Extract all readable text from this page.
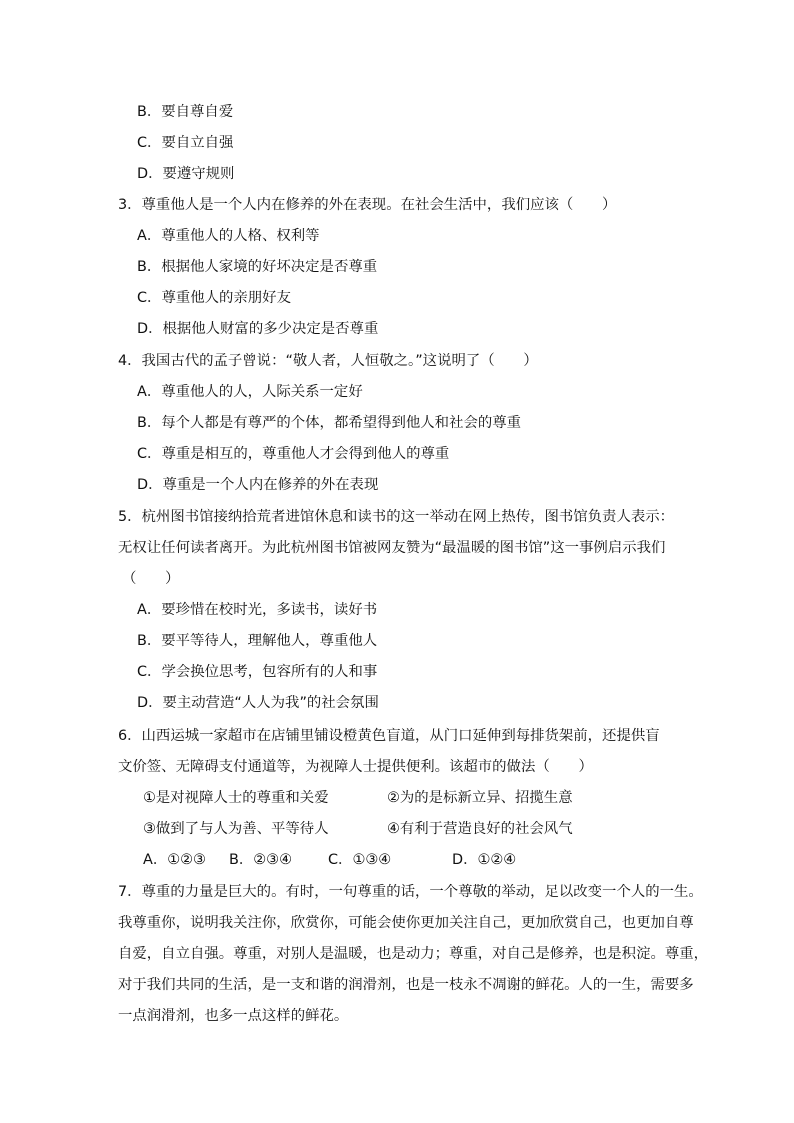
B．要自尊自爱
C．要自立自强
D．要遵守规则
3．尊重他人是一个人内在修养的外在表现。在社会生活中，我们应该（　　）
A．尊重他人的人格、权利等
B．根据他人家境的好坏决定是否尊重
C．尊重他人的亲朋好友
D．根据他人财富的多少决定是否尊重
4．我国古代的孟子曾说：“敬人者，人恒敬之。”这说明了（　　）
A．尊重他人的人，人际关系一定好
B．每个人都是有尊严的个体，都希望得到他人和社会的尊重
C．尊重是相互的，尊重他人才会得到他人的尊重
D．尊重是一个人内在修养的外在表现
5．杭州图书馆接纳拾荒者进馆休息和读书的这一举动在网上热传，图书馆负责人表示：
无权让任何读者离开。为此杭州图书馆被网友赞为“最温暖的图书馆”这一事例启示我们
（　　）
A．要珍惜在校时光，多读书，读好书
B．要平等待人，理解他人，尊重他人
C．学会换位思考，包容所有的人和事
D．要主动营造“人人为我”的社会氛围
6．山西运城一家超市在店铺里铺设橙黄色盲道，从门口延伸到每排货架前，还提供盲
文价签、无障碍支付通道等，为视障人士提供便利。该超市的做法（　　）
①是对视障人士的尊重和关爱	②为的是标新立异、招揽生意
③做到了与人为善、平等待人	④有利于营造良好的社会风气
A．①②③ B．②③④	C．①③④	D．①②④
7．尊重的力量是巨大的。有时，一句尊重的话，一个尊敬的举动，足以改变一个人的一生。
我尊重你，说明我关注你，欣赏你，可能会使你更加关注自己，更加欣赏自己，也更加自尊
自爱，自立自强。尊重，对别人是温暖，也是动力；尊重，对自己是修养，也是积淀。尊重，
对于我们共同的生活，是一支和谐的润滑剂，也是一枝永不凋谢的鲜花。人的一生，需要多
一点润滑剂，也多一点这样的鲜花。
